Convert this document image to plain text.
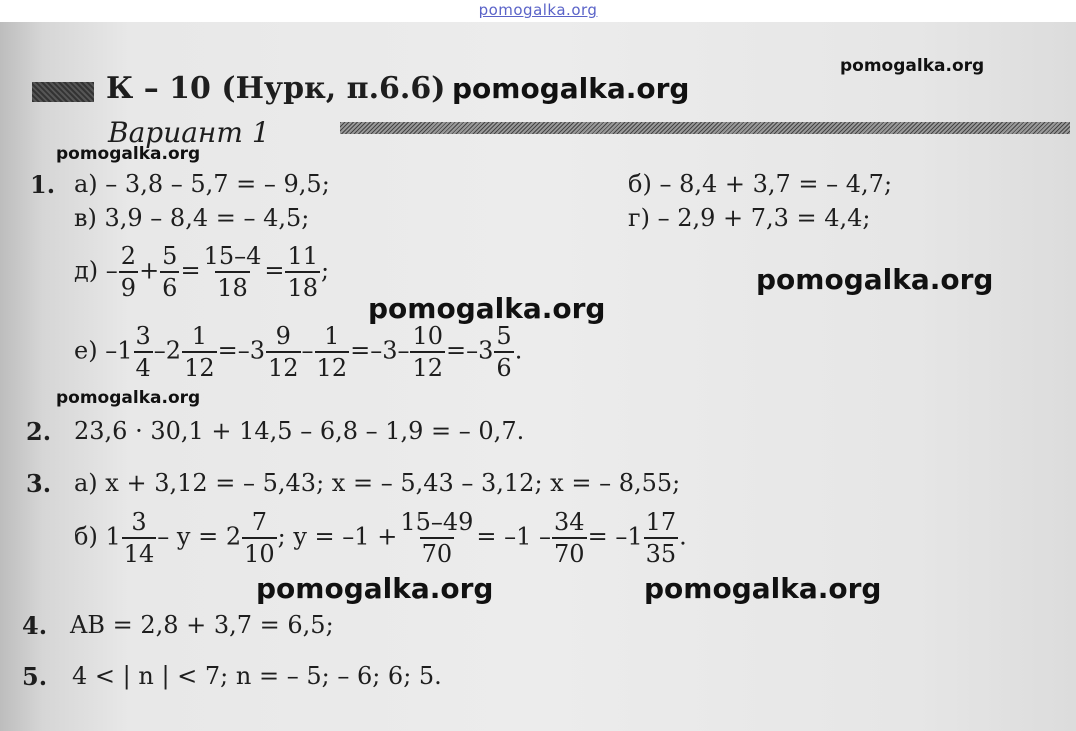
pomogalka.org
К – 10 (Нурк, п.6.6)
Вариант 1
pomogalka.org
pomogalka.org
pomogalka.org
pomogalka.org
pomogalka.org
pomogalka.org
pomogalka.org	pomogalka.org
1. а) – 3,8 – 5,7 = – 9,5;	б) – 8,4 + 3,7 = – 4,7;
в) 3,9 – 8,4 = – 4,5;	г) – 2,9 + 7,3 = 4,4;
$д) - \frac{2}{9} + \frac{5}{6} = \frac{15-4}{18} = \frac{11}{18}$ ;
е) $-1 \frac{3}{4} -2 \frac{1}{12} =-3 \frac{9}{12} - \frac{1}{12} =-3- \frac{10}{12} =-3 \frac{5}{6}$ .
2. 23,6 · 30,1 + 14,5 – 6,8 – 1,9 = – 0,7.
3. а) x + 3,12 = – 5,43; x = – 5,43 – 3,12; x = – 8,55;
б) $1 \frac{3}{14} - y = 2 \frac{7}{10}$ ; $y = -1 + \frac{15-49}{70} = -1 - \frac{34}{70} = -1 \frac{17}{35}$ .
4. AB = 2,8 + 3,7 = 6,5;
5. 4 < | n | < 7; n = – 5; – 6; 6; 5.
